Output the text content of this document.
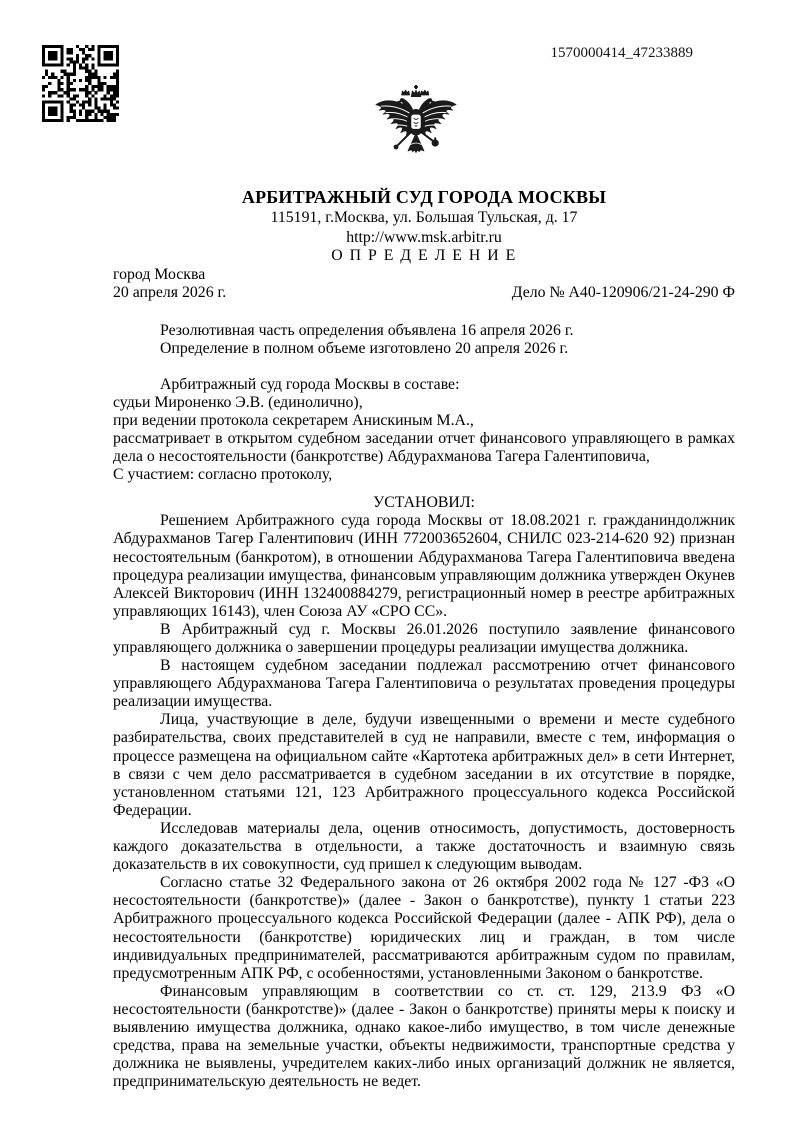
1570000414_47233889

АРБИТРАЖНЫЙ СУД ГОРОДА МОСКВЫ

115191, г.Москва, ул. Большая Тульская, д. 17

http://www.msk.arbitr.ru

О П Р Е Д Е Л Е Н И Е

город Москва

20 апреля 2026 г.	Дело № А40-120906/21-24-290 Ф

Резолютивная часть определения объявлена 16 апреля 2026 г.

Определение в полном объеме изготовлено 20 апреля 2026 г.

Арбитражный суд города Москвы в составе:

судьи Мироненко Э.В. (единолично),

при ведении протокола секретарем Анискиным М.А.,

рассматривает в открытом судебном заседании отчет финансового управляющего в рамках дела о несостоятельности (банкротстве) Абдурахманова Тагера Галентиповича,

С участием: согласно протоколу,

УСТАНОВИЛ:

Решением Арбитражного суда города Москвы от 18.08.2021 г. гражданиндолжник Абдурахманов Тагер Галентипович (ИНН 772003652604, СНИЛС 023-214-620 92) признан несостоятельным (банкротом), в отношении Абдурахманова Тагера Галентиповича введена процедура реализации имущества, финансовым управляющим должника утвержден Окунев Алексей Викторович (ИНН 132400884279, регистрационный номер в реестре арбитражных управляющих 16143), член Союза АУ «СРО СС».

В Арбитражный суд г. Москвы 26.01.2026 поступило заявление финансового управляющего должника о завершении процедуры реализации имущества должника.

В настоящем судебном заседании подлежал рассмотрению отчет финансового управляющего Абдурахманова Тагера Галентиповича о результатах проведения процедуры реализации имущества.

Лица, участвующие в деле, будучи извещенными о времени и месте судебного разбирательства, своих представителей в суд не направили, вместе с тем, информация о процессе размещена на официальном сайте «Картотека арбитражных дел» в сети Интернет, в связи с чем дело рассматривается в судебном заседании в их отсутствие в порядке, установленном статьями 121, 123 Арбитражного процессуального кодекса Российской Федерации.

Исследовав материалы дела, оценив относимость, допустимость, достоверность каждого доказательства в отдельности, а также достаточность и взаимную связь доказательств в их совокупности, суд пришел к следующим выводам.

Согласно статье 32 Федерального закона от 26 октября 2002 года № 127 -ФЗ «О несостоятельности (банкротстве)» (далее - Закон о банкротстве), пункту 1 статьи 223 Арбитражного процессуального кодекса Российской Федерации (далее - АПК РФ), дела о несостоятельности (банкротстве) юридических лиц и граждан, в том числе индивидуальных предпринимателей, рассматриваются арбитражным судом по правилам, предусмотренным АПК РФ, с особенностями, установленными Законом о банкротстве.

Финансовым управляющим в соответствии со ст. ст. 129, 213.9 ФЗ «О несостоятельности (банкротстве)» (далее - Закон о банкротстве) приняты меры к поиску и выявлению имущества должника, однако какое-либо имущество, в том числе денежные средства, права на земельные участки, объекты недвижимости, транспортные средства у должника не выявлены, учредителем каких-либо иных организаций должник не является, предпринимательскую деятельность не ведет.
